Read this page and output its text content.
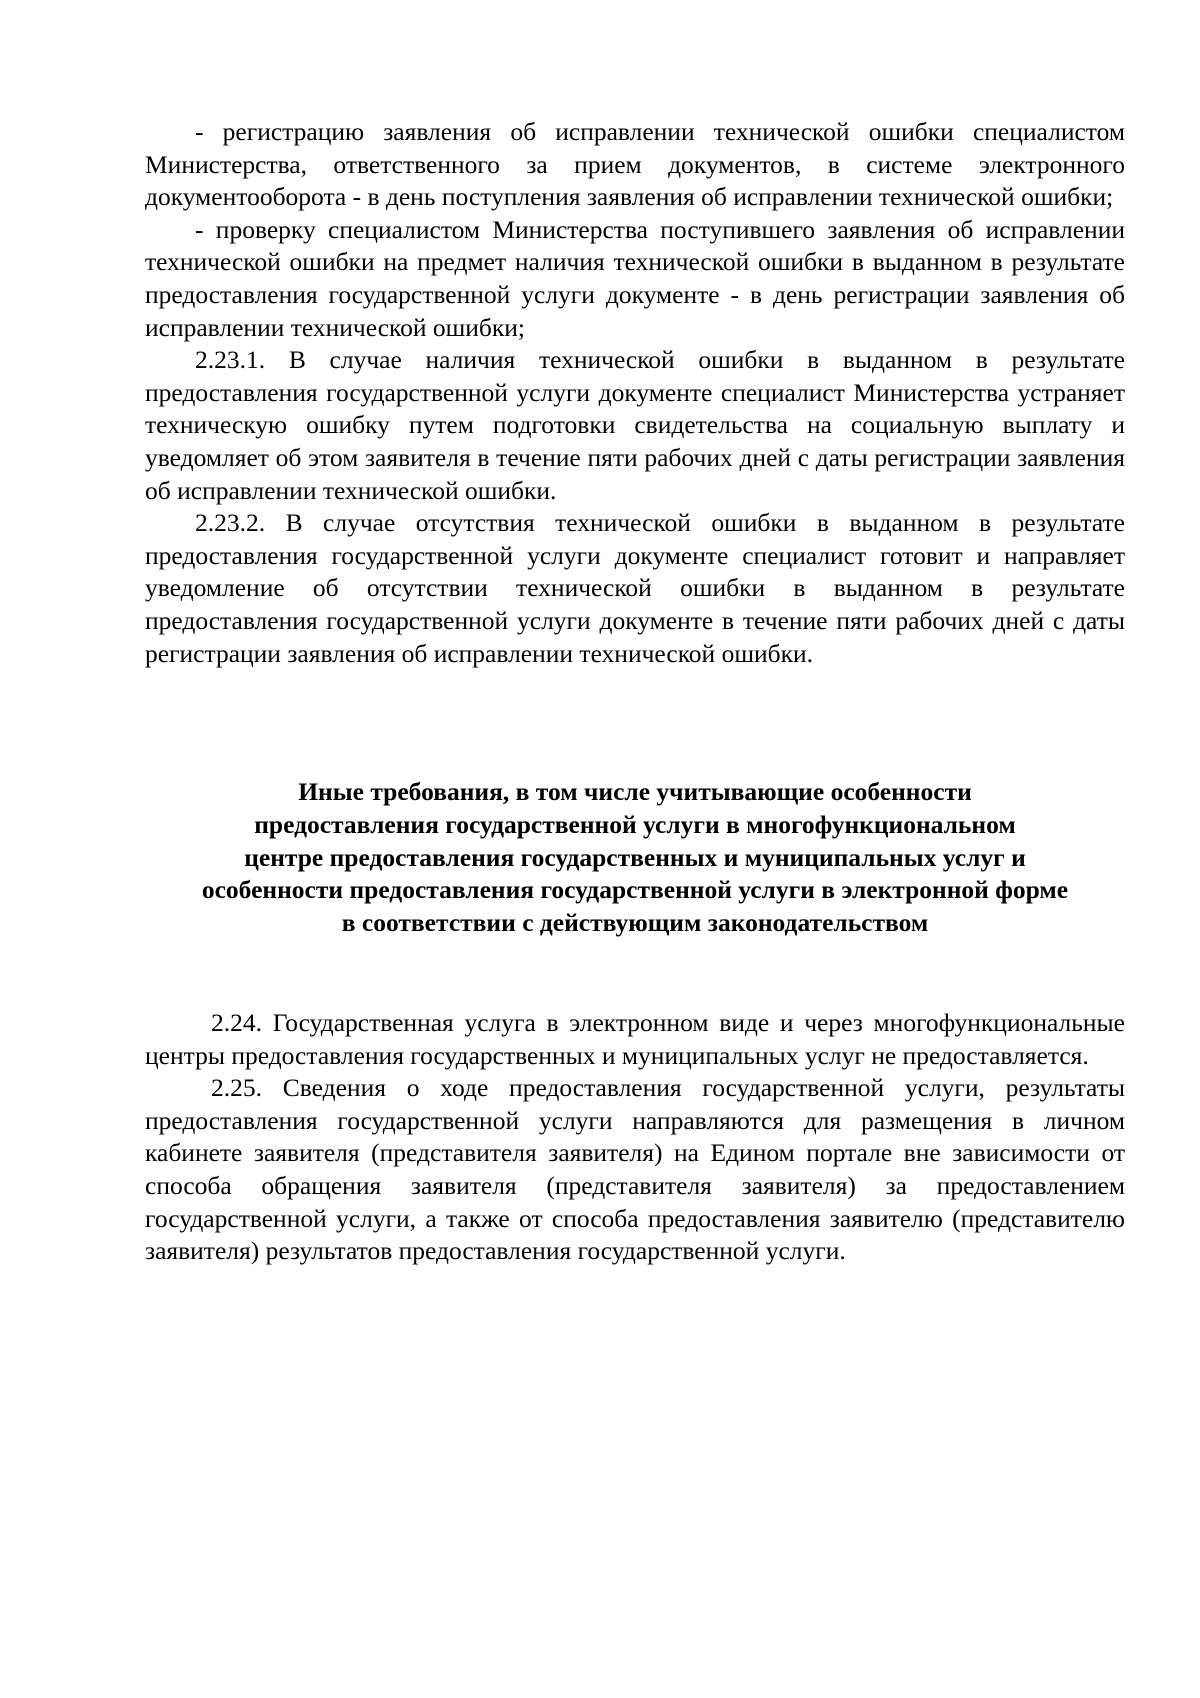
- регистрацию заявления об исправлении технической ошибки специалистом Министерства, ответственного за прием документов, в системе электронного документооборота - в день поступления заявления об исправлении технической ошибки;

- проверку специалистом Министерства поступившего заявления об исправлении технической ошибки на предмет наличия технической ошибки в выданном в результате предоставления государственной услуги документе - в день регистрации заявления об исправлении технической ошибки;

2.23.1. В случае наличия технической ошибки в выданном в результате предоставления государственной услуги документе специалист Министерства устраняет техническую ошибку путем подготовки свидетельства на социальную выплату и уведомляет об этом заявителя в течение пяти рабочих дней с даты регистрации заявления об исправлении технической ошибки.

2.23.2. В случае отсутствия технической ошибки в выданном в результате предоставления государственной услуги документе специалист готовит и направляет уведомление об отсутствии технической ошибки в выданном в результате предоставления государственной услуги документе в течение пяти рабочих дней с даты регистрации заявления об исправлении технической ошибки.

Иные требования, в том числе учитывающие особенности
предоставления государственной услуги в многофункциональном
центре предоставления государственных и муниципальных услуг и
особенности предоставления государственной услуги в электронной форме
в соответствии с действующим законодательством

2.24. Государственная услуга в электронном виде и через многофункциональные центры предоставления государственных и муниципальных услуг не предоставляется.

2.25. Сведения о ходе предоставления государственной услуги, результаты предоставления государственной услуги направляются для размещения в личном кабинете заявителя (представителя заявителя) на Едином портале вне зависимости от способа обращения заявителя (представителя заявителя) за предоставлением государственной услуги, а также от способа предоставления заявителю (представителю заявителя) результатов предоставления государственной услуги.
